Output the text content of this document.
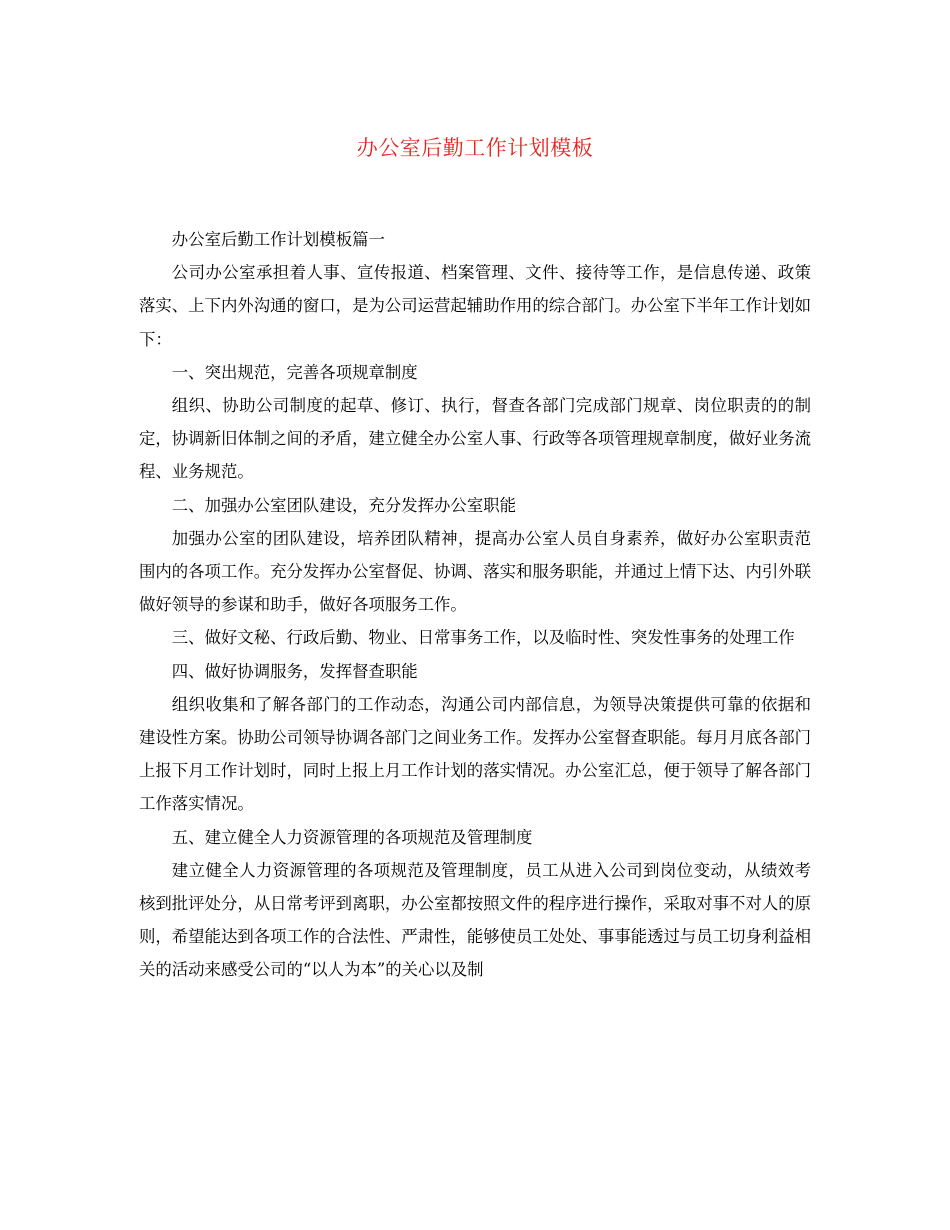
办公室后勤工作计划模板

办公室后勤工作计划模板篇一

公司办公室承担着人事、宣传报道、档案管理、文件、接待等工作，是信息传递、政策落实、上下内外沟通的窗口，是为公司运营起辅助作用的综合部门。办公室下半年工作计划如下：

一、突出规范，完善各项规章制度

组织、协助公司制度的起草、修订、执行，督查各部门完成部门规章、岗位职责的的制定，协调新旧体制之间的矛盾，建立健全办公室人事、行政等各项管理规章制度，做好业务流程、业务规范。

二、加强办公室团队建设，充分发挥办公室职能

加强办公室的团队建设，培养团队精神，提高办公室人员自身素养，做好办公室职责范围内的各项工作。充分发挥办公室督促、协调、落实和服务职能，并通过上情下达、内引外联做好领导的参谋和助手，做好各项服务工作。

三、做好文秘、行政后勤、物业、日常事务工作，以及临时性、突发性事务的处理工作

四、做好协调服务，发挥督查职能

组织收集和了解各部门的工作动态，沟通公司内部信息，为领导决策提供可靠的依据和建设性方案。协助公司领导协调各部门之间业务工作。发挥办公室督查职能。每月月底各部门上报下月工作计划时，同时上报上月工作计划的落实情况。办公室汇总，便于领导了解各部门工作落实情况。

五、建立健全人力资源管理的各项规范及管理制度

建立健全人力资源管理的各项规范及管理制度，员工从进入公司到岗位变动，从绩效考核到批评处分，从日常考评到离职，办公室都按照文件的程序进行操作，采取对事不对人的原则，希望能达到各项工作的合法性、严肃性，能够使员工处处、事事能透过与员工切身利益相关的活动来感受公司的“以人为本”的关心以及制
